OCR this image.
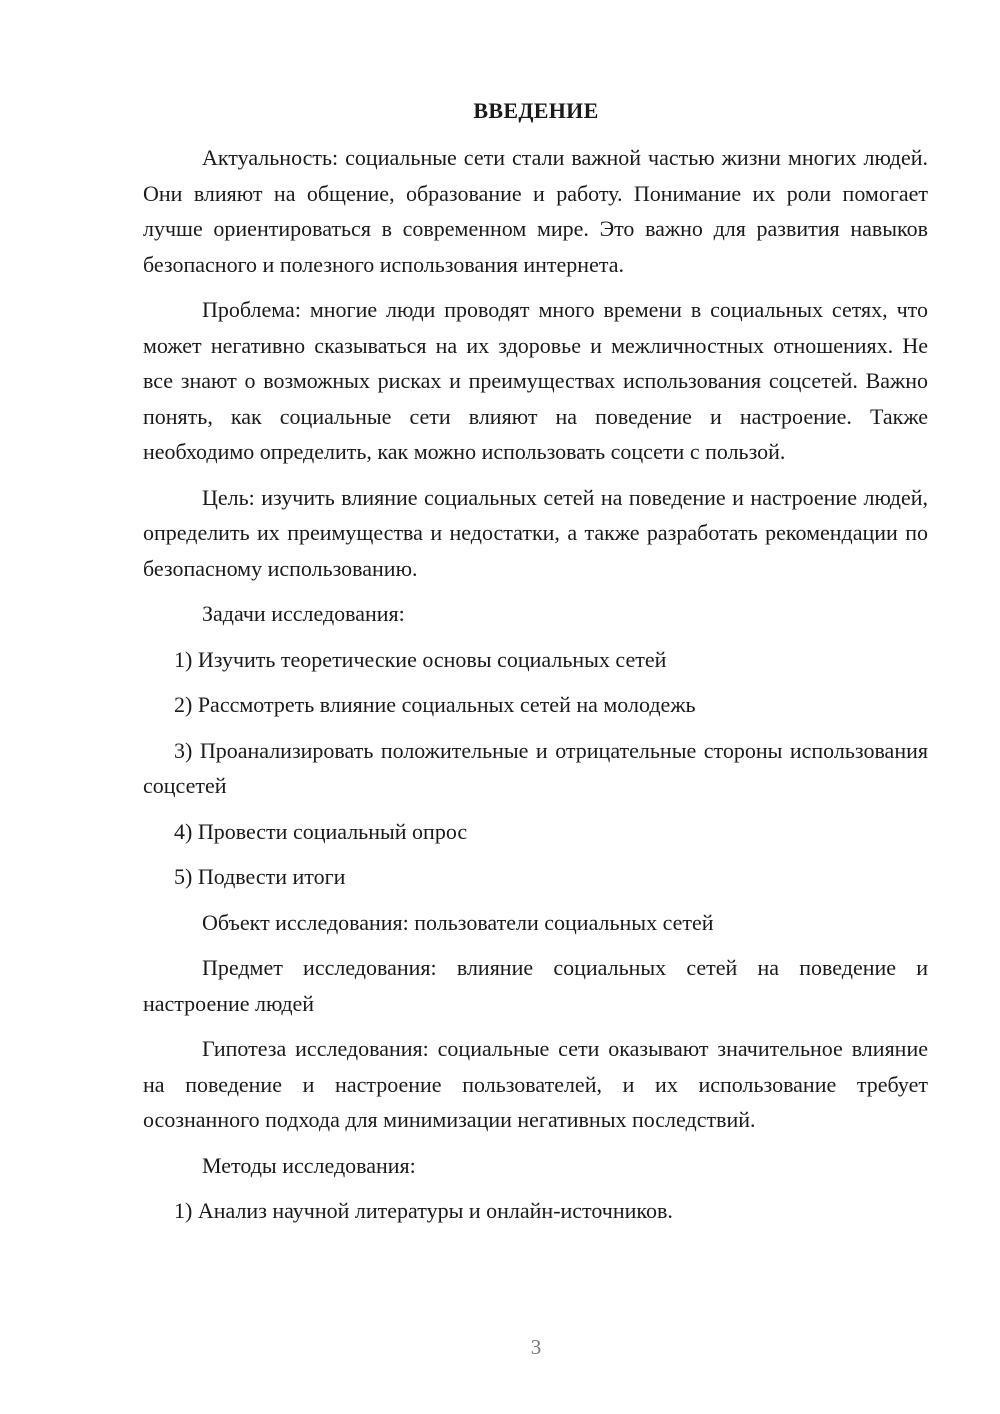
ВВЕДЕНИЕ

Актуальность: социальные сети стали важной частью жизни многих людей. Они влияют на общение, образование и работу. Понимание их роли помогает лучше ориентироваться в современном мире. Это важно для развития навыков безопасного и полезного использования интернета.

Проблема: многие люди проводят много времени в социальных сетях, что может негативно сказываться на их здоровье и межличностных отношениях. Не все знают о возможных рисках и преимуществах использования соцсетей. Важно понять, как социальные сети влияют на поведение и настроение. Также необходимо определить, как можно использовать соцсети с пользой.

Цель: изучить влияние социальных сетей на поведение и настроение людей, определить их преимущества и недостатки, а также разработать рекомендации по безопасному использованию.

Задачи исследования:

1) Изучить теоретические основы социальных сетей

2) Рассмотреть влияние социальных сетей на молодежь

3) Проанализировать положительные и отрицательные стороны использования соцсетей

4) Провести социальный опрос

5) Подвести итоги

Объект исследования: пользователи социальных сетей

Предмет исследования: влияние социальных сетей на поведение и настроение людей

Гипотеза исследования: социальные сети оказывают значительное влияние на поведение и настроение пользователей, и их использование требует осознанного подхода для минимизации негативных последствий.

Методы исследования:

1) Анализ научной литературы и онлайн-источников.

3
